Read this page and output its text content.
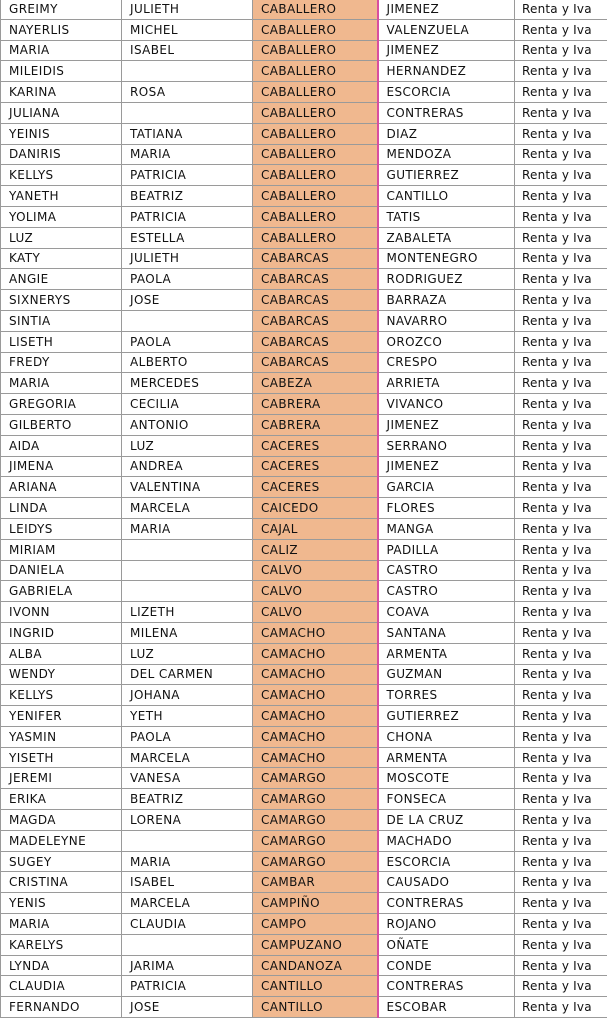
GREIMY	JULIETH	CABALLERO	JIMENEZ	Renta y Iva
NAYERLIS	MICHEL	CABALLERO	VALENZUELA	Renta y Iva
MARIA	ISABEL	CABALLERO	JIMENEZ	Renta y Iva
MILEIDIS		CABALLERO	HERNANDEZ	Renta y Iva
KARINA	ROSA	CABALLERO	ESCORCIA	Renta y Iva
JULIANA		CABALLERO	CONTRERAS	Renta y Iva
YEINIS	TATIANA	CABALLERO	DIAZ	Renta y Iva
DANIRIS	MARIA	CABALLERO	MENDOZA	Renta y Iva
KELLYS	PATRICIA	CABALLERO	GUTIERREZ	Renta y Iva
YANETH	BEATRIZ	CABALLERO	CANTILLO	Renta y Iva
YOLIMA	PATRICIA	CABALLERO	TATIS	Renta y Iva
LUZ	ESTELLA	CABALLERO	ZABALETA	Renta y Iva
KATY	JULIETH	CABARCAS	MONTENEGRO	Renta y Iva
ANGIE	PAOLA	CABARCAS	RODRIGUEZ	Renta y Iva
SIXNERYS	JOSE	CABARCAS	BARRAZA	Renta y Iva
SINTIA		CABARCAS	NAVARRO	Renta y Iva
LISETH	PAOLA	CABARCAS	OROZCO	Renta y Iva
FREDY	ALBERTO	CABARCAS	CRESPO	Renta y Iva
MARIA	MERCEDES	CABEZA	ARRIETA	Renta y Iva
GREGORIA	CECILIA	CABRERA	VIVANCO	Renta y Iva
GILBERTO	ANTONIO	CABRERA	JIMENEZ	Renta y Iva
AIDA	LUZ	CACERES	SERRANO	Renta y Iva
JIMENA	ANDREA	CACERES	JIMENEZ	Renta y Iva
ARIANA	VALENTINA	CACERES	GARCIA	Renta y Iva
LINDA	MARCELA	CAICEDO	FLORES	Renta y Iva
LEIDYS	MARIA	CAJAL	MANGA	Renta y Iva
MIRIAM		CALIZ	PADILLA	Renta y Iva
DANIELA		CALVO	CASTRO	Renta y Iva
GABRIELA		CALVO	CASTRO	Renta y Iva
IVONN	LIZETH	CALVO	COAVA	Renta y Iva
INGRID	MILENA	CAMACHO	SANTANA	Renta y Iva
ALBA	LUZ	CAMACHO	ARMENTA	Renta y Iva
WENDY	DEL CARMEN	CAMACHO	GUZMAN	Renta y Iva
KELLYS	JOHANA	CAMACHO	TORRES	Renta y Iva
YENIFER	YETH	CAMACHO	GUTIERREZ	Renta y Iva
YASMIN	PAOLA	CAMACHO	CHONA	Renta y Iva
YISETH	MARCELA	CAMACHO	ARMENTA	Renta y Iva
JEREMI	VANESA	CAMARGO	MOSCOTE	Renta y Iva
ERIKA	BEATRIZ	CAMARGO	FONSECA	Renta y Iva
MAGDA	LORENA	CAMARGO	DE LA CRUZ	Renta y Iva
MADELEYNE		CAMARGO	MACHADO	Renta y Iva
SUGEY	MARIA	CAMARGO	ESCORCIA	Renta y Iva
CRISTINA	ISABEL	CAMBAR	CAUSADO	Renta y Iva
YENIS	MARCELA	CAMPIÑO	CONTRERAS	Renta y Iva
MARIA	CLAUDIA	CAMPO	ROJANO	Renta y Iva
KARELYS		CAMPUZANO	OÑATE	Renta y Iva
LYNDA	JARIMA	CANDANOZA	CONDE	Renta y Iva
CLAUDIA	PATRICIA	CANTILLO	CONTRERAS	Renta y Iva
FERNANDO	JOSE	CANTILLO	ESCOBAR	Renta y Iva
